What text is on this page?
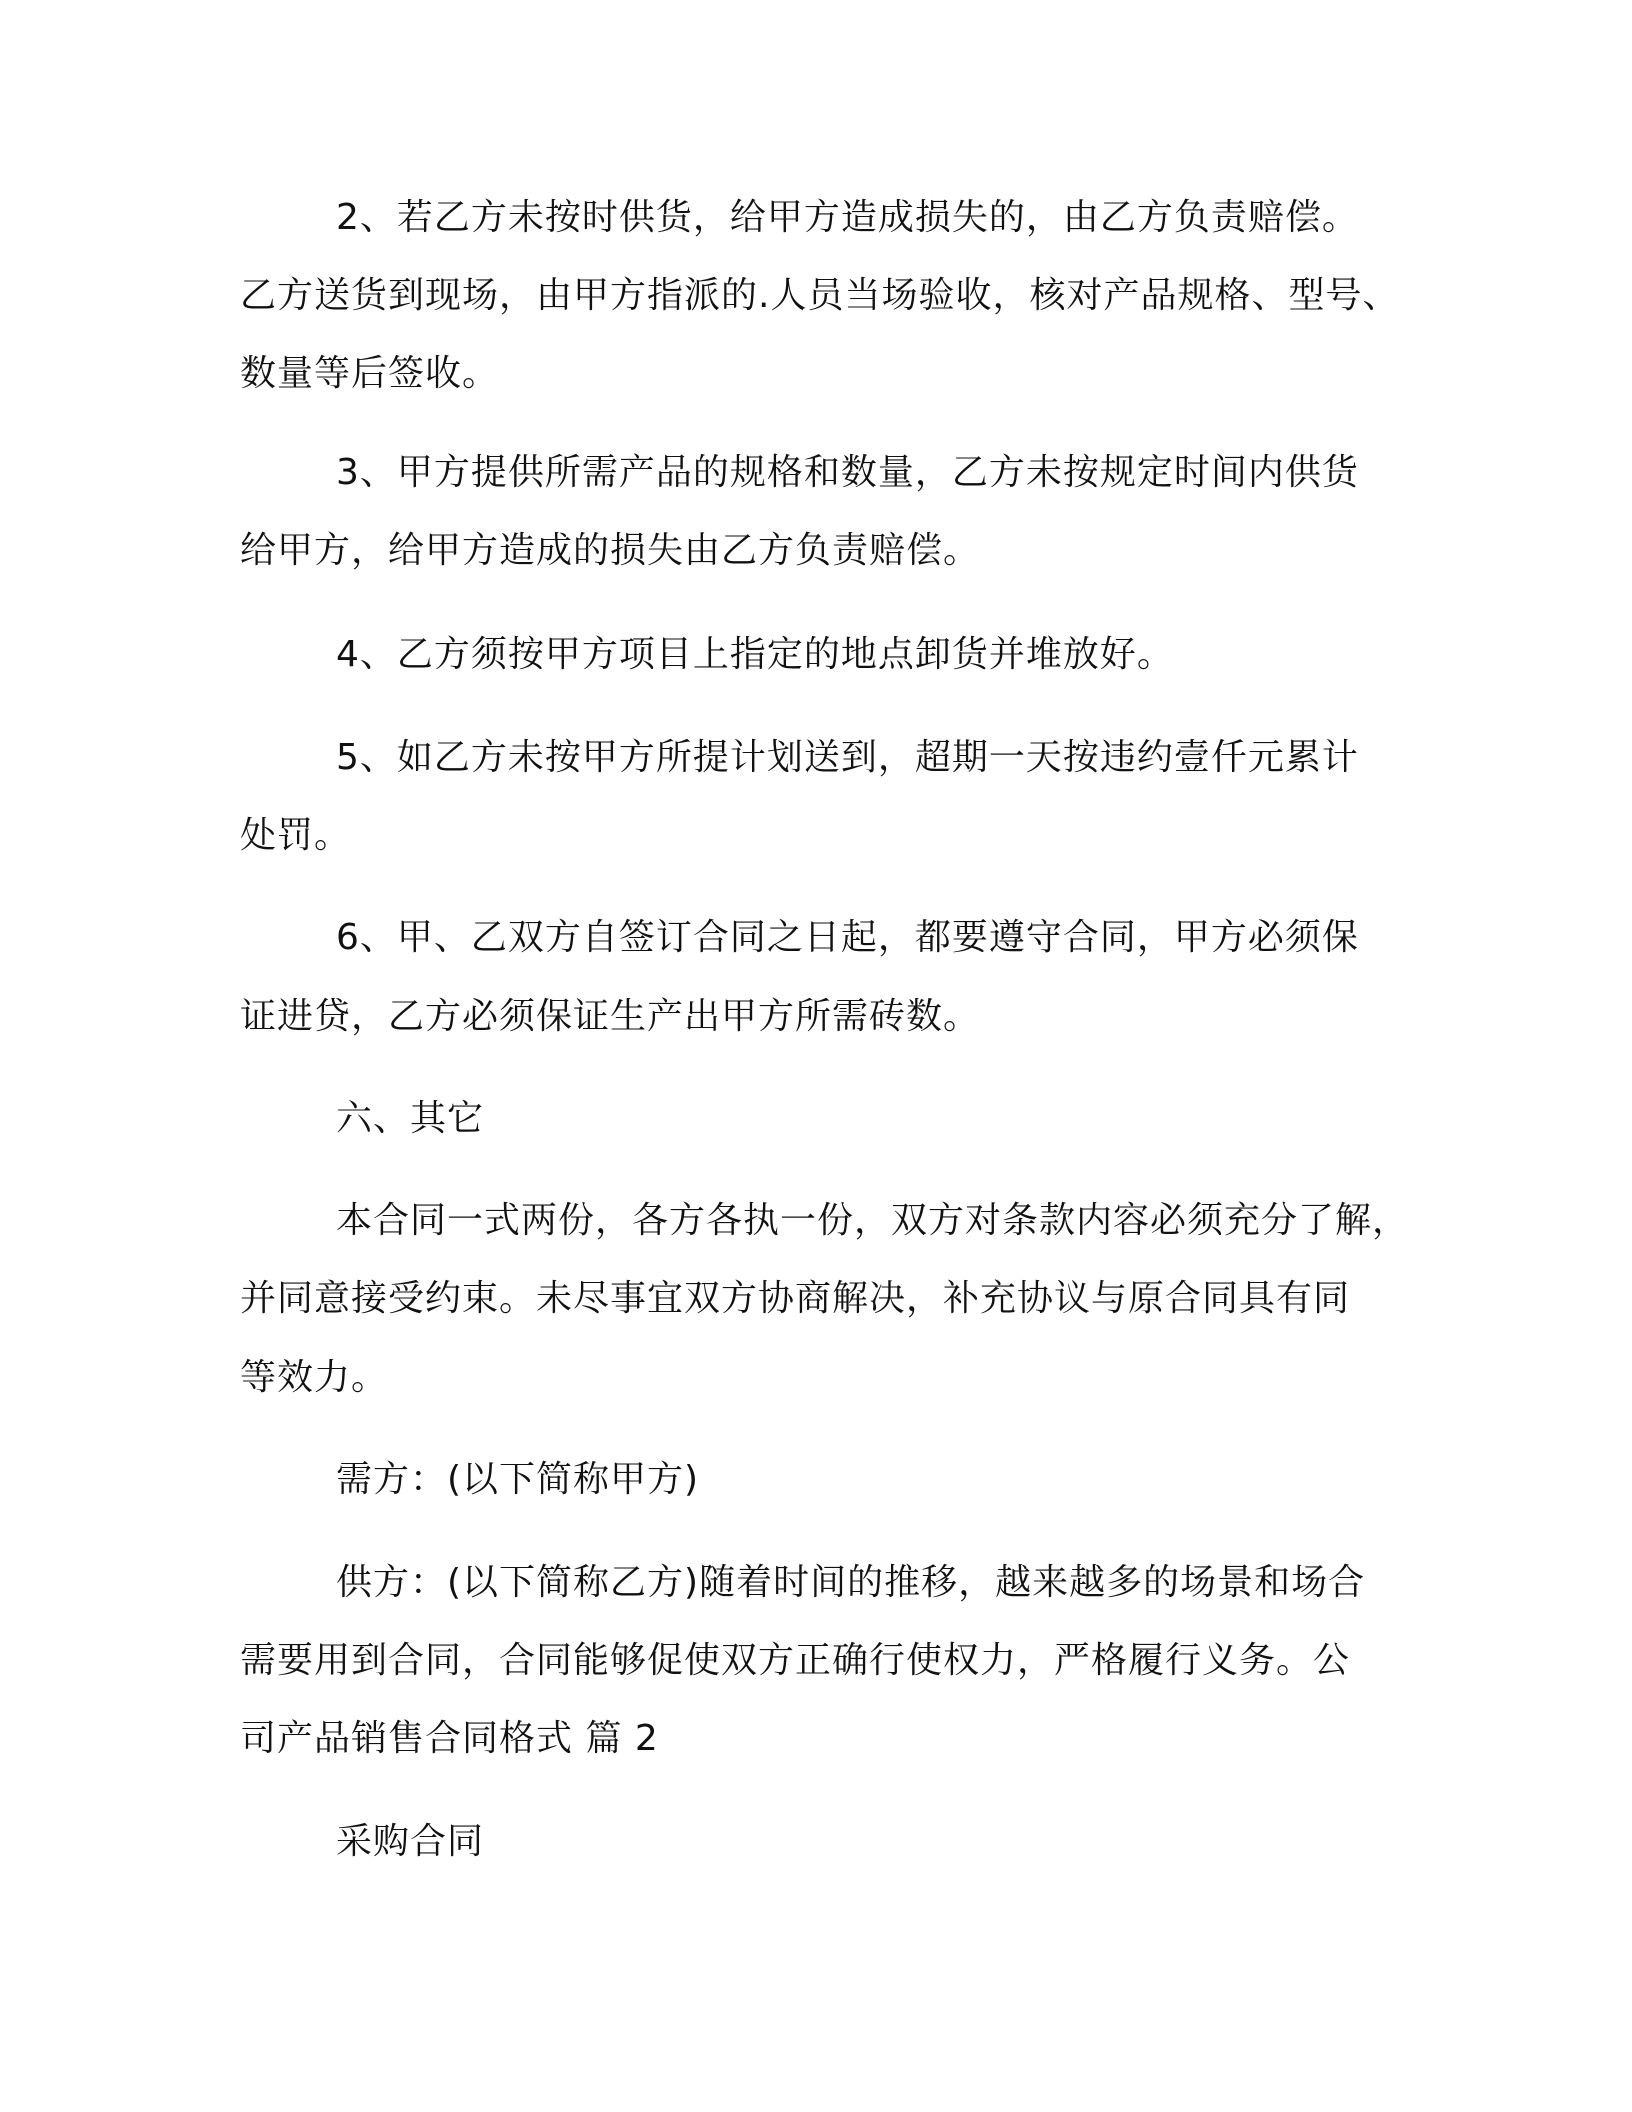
2、若乙方未按时供货，给甲方造成损失的，由乙方负责赔偿。
乙方送货到现场，由甲方指派的.人员当场验收，核对产品规格、型号、
数量等后签收。
3、甲方提供所需产品的规格和数量，乙方未按规定时间内供货
给甲方，给甲方造成的损失由乙方负责赔偿。
4、乙方须按甲方项目上指定的地点卸货并堆放好。
5、如乙方未按甲方所提计划送到，超期一天按违约壹仟元累计
处罚。
6、甲、乙双方自签订合同之日起，都要遵守合同，甲方必须保
证进贷，乙方必须保证生产出甲方所需砖数。
六、其它
本合同一式两份，各方各执一份，双方对条款内容必须充分了解，
并同意接受约束。未尽事宜双方协商解决，补充协议与原合同具有同
等效力。
需方：(以下简称甲方)
供方：(以下简称乙方)随着时间的推移，越来越多的场景和场合
需要用到合同，合同能够促使双方正确行使权力，严格履行义务。公
司产品销售合同格式 篇 2
采购合同
